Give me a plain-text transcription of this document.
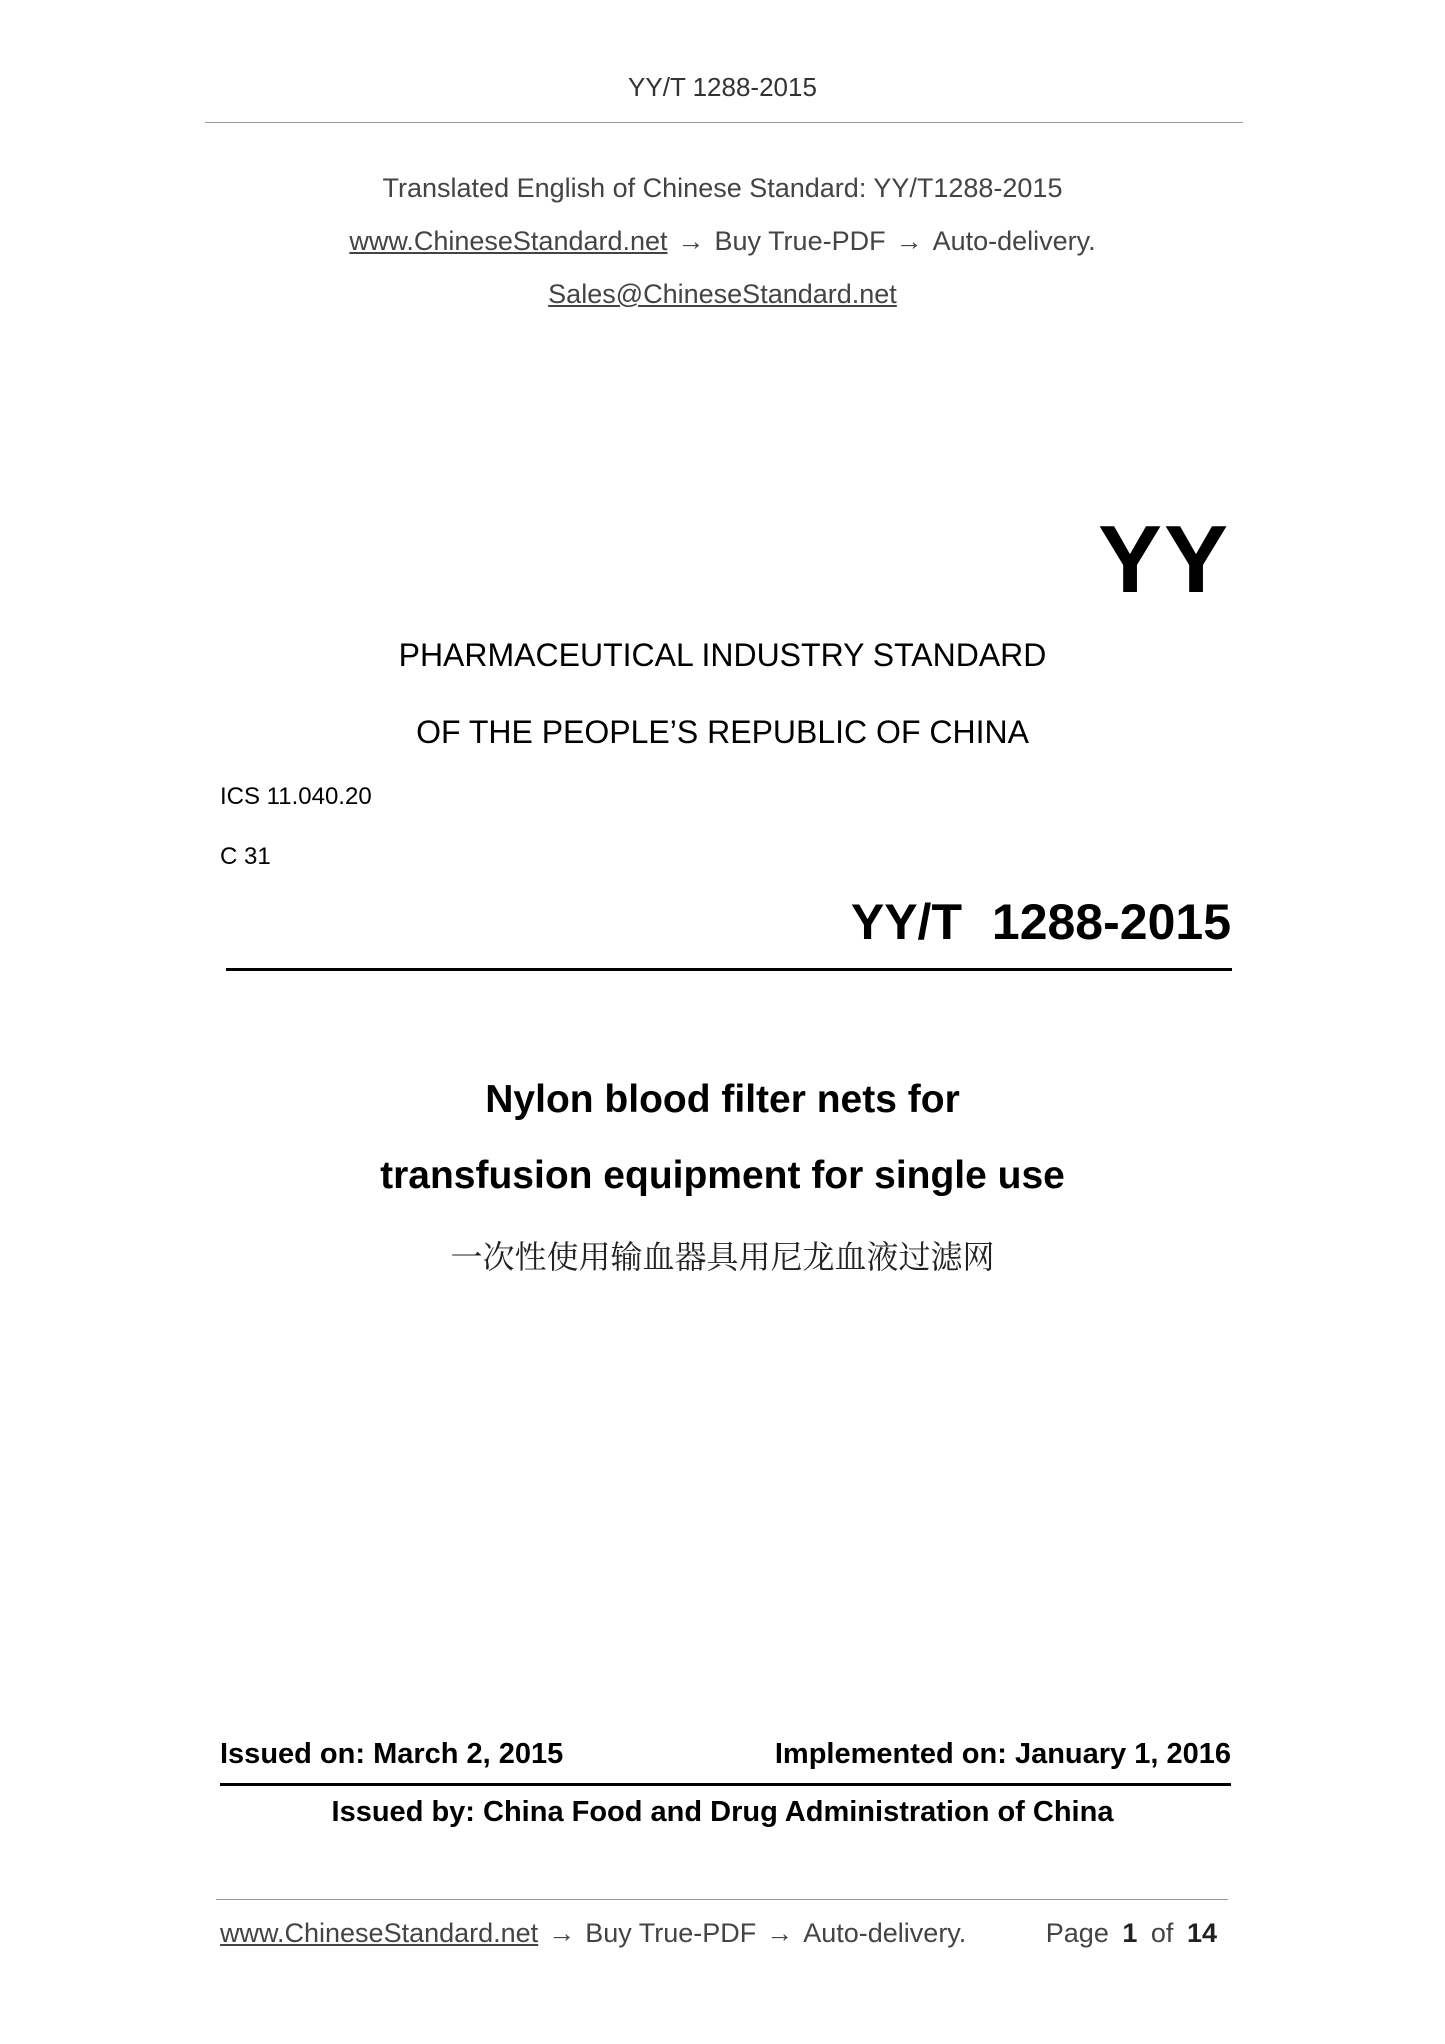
YY/T 1288-2015
Translated English of Chinese Standard: YY/T1288-2015
www.ChineseStandard.net → Buy True-PDF → Auto-delivery.
Sales@ChineseStandard.net
YY
PHARMACEUTICAL INDUSTRY STANDARD
OF THE PEOPLE’S REPUBLIC OF CHINA
ICS 11.040.20
C 31
YY/T 1288-2015
Nylon blood filter nets for
transfusion equipment for single use
一次性使用输血器具用尼龙血液过滤网
Issued on: March 2, 2015	Implemented on: January 1, 2016
Issued by: China Food and Drug Administration of China
www.ChineseStandard.net → Buy True-PDF → Auto-delivery.	Page 1 of 14
